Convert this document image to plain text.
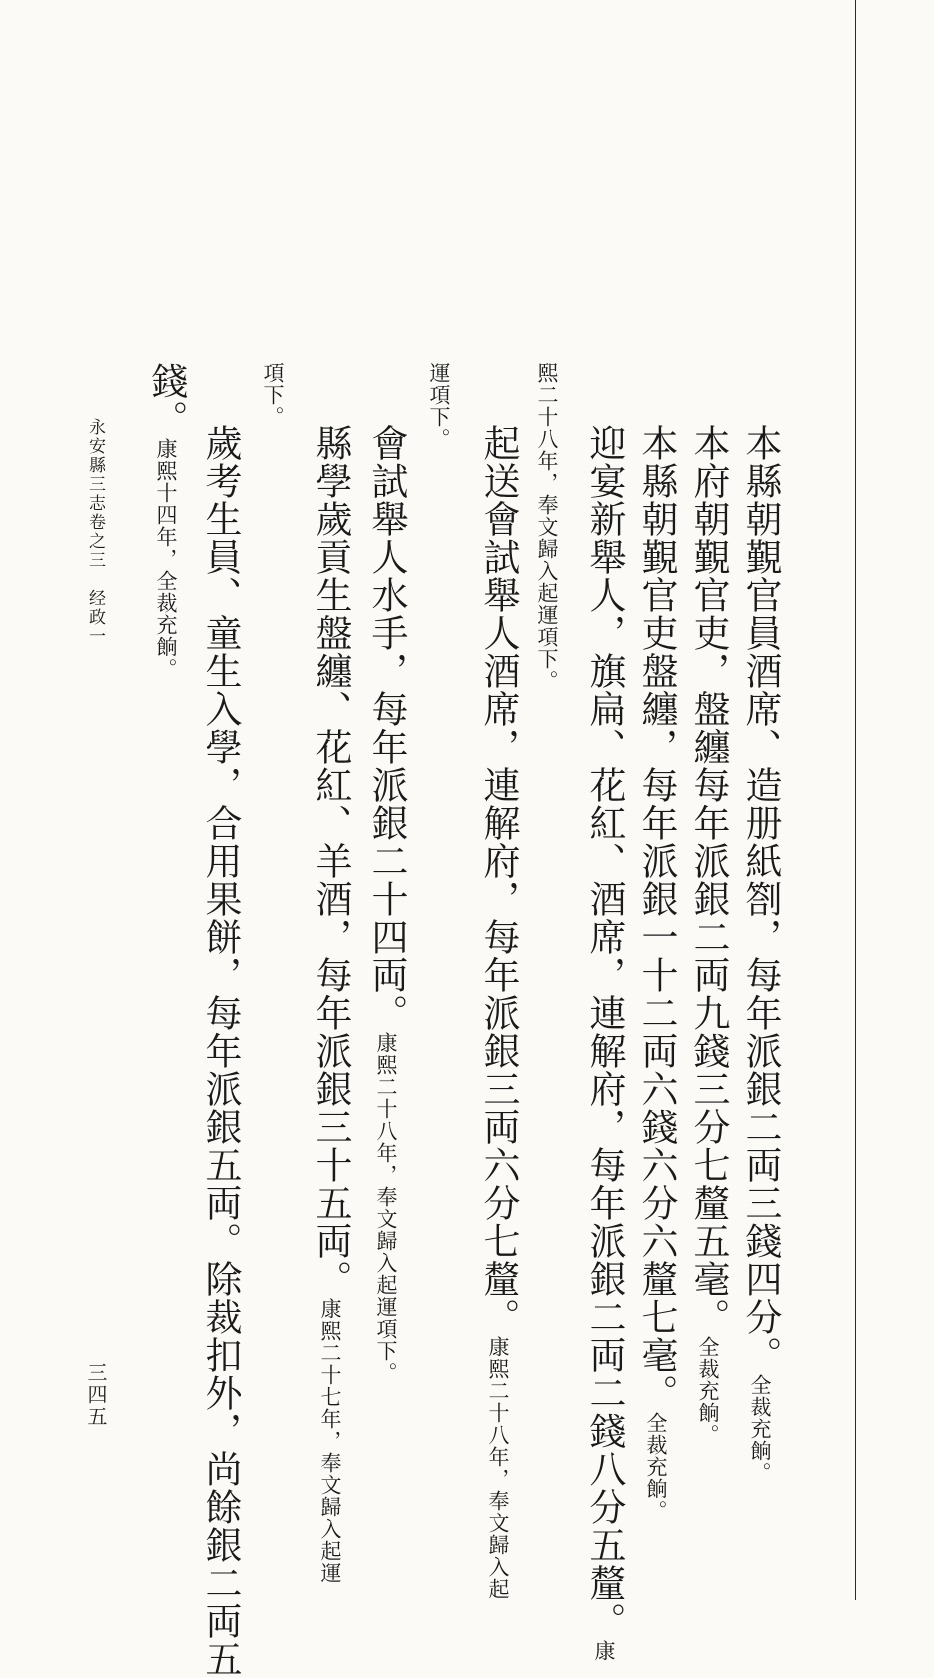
本縣朝覲官員酒席、造册紙劄，每年派銀二両三錢四分。全裁充餉。
本府朝覲官吏，盤纏每年派銀二両九錢三分七釐五毫。全裁充餉。
本縣朝覲官吏盤纏，每年派銀一十二両六錢六分六釐七毫。全裁充餉。
迎宴新舉人，旗扁、花紅、酒席，連解府，每年派銀二両二錢八分五釐。康
熙二十八年，奉文歸入起運項下。
起送會試舉人酒席，連解府，每年派銀三両六分七釐。康熙二十八年，奉文歸入起
運項下。
會試舉人水手，每年派銀二十四両。康熙二十八年，奉文歸入起運項下。
縣學歲貢生盤纏、花紅、羊酒，每年派銀三十五両。康熙二十七年，奉文歸入起運
項下。
歲考生員、童生入學，合用果餅，每年派銀五両。除裁扣外，尚餘銀二両五
錢。康熙十四年，全裁充餉。
永安縣三志卷之三　经政一
三四五
